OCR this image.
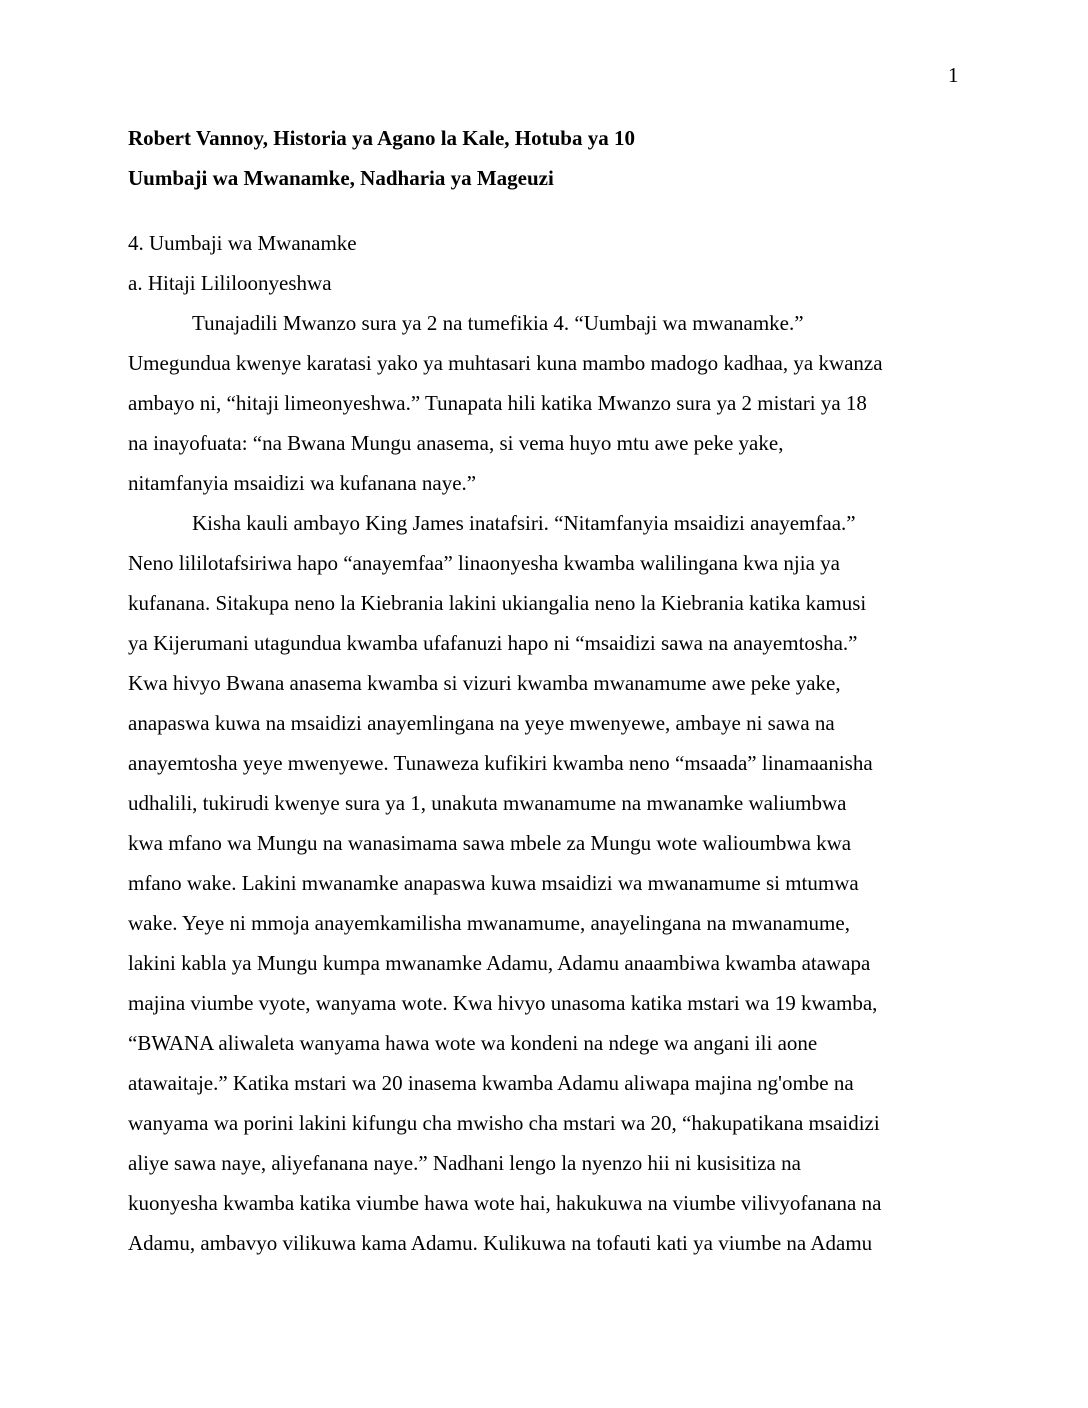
1
Robert Vannoy, Historia ya Agano la Kale, Hotuba ya 10
Uumbaji wa Mwanamke, Nadharia ya Mageuzi
4. Uumbaji wa Mwanamke
a. Hitaji Lililoonyeshwa

Tunajadili Mwanzo sura ya 2 na tumefikia 4. “Uumbaji wa mwanamke.”
Umegundua kwenye karatasi yako ya muhtasari kuna mambo madogo kadhaa, ya kwanza
ambayo ni, “hitaji limeonyeshwa.” Tunapata hili katika Mwanzo sura ya 2 mistari ya 18
na inayofuata: “na Bwana Mungu anasema, si vema huyo mtu awe peke yake,
nitamfanyia msaidizi wa kufanana naye.”

Kisha kauli ambayo King James inatafsiri. “Nitamfanyia msaidizi anayemfaa.”
Neno lililotafsiriwa hapo “anayemfaa” linaonyesha kwamba walilingana kwa njia ya
kufanana. Sitakupa neno la Kiebrania lakini ukiangalia neno la Kiebrania katika kamusi
ya Kijerumani utagundua kwamba ufafanuzi hapo ni “msaidizi sawa na anayemtosha.”
Kwa hivyo Bwana anasema kwamba si vizuri kwamba mwanamume awe peke yake,
anapaswa kuwa na msaidizi anayemlingana na yeye mwenyewe, ambaye ni sawa na
anayemtosha yeye mwenyewe. Tunaweza kufikiri kwamba neno “msaada” linamaanisha
udhalili, tukirudi kwenye sura ya 1, unakuta mwanamume na mwanamke waliumbwa
kwa mfano wa Mungu na wanasimama sawa mbele za Mungu wote walioumbwa kwa
mfano wake. Lakini mwanamke anapaswa kuwa msaidizi wa mwanamume si mtumwa
wake. Yeye ni mmoja anayemkamilisha mwanamume, anayelingana na mwanamume,
lakini kabla ya Mungu kumpa mwanamke Adamu, Adamu anaambiwa kwamba atawapa
majina viumbe vyote, wanyama wote. Kwa hivyo unasoma katika mstari wa 19 kwamba,
“BWANA aliwaleta wanyama hawa wote wa kondeni na ndege wa angani ili aone
atawaitaje.” Katika mstari wa 20 inasema kwamba Adamu aliwapa majina ng'ombe na
wanyama wa porini lakini kifungu cha mwisho cha mstari wa 20, “hakupatikana msaidizi
aliye sawa naye, aliyefanana naye.” Nadhani lengo la nyenzo hii ni kusisitiza na
kuonyesha kwamba katika viumbe hawa wote hai, hakukuwa na viumbe vilivyofanana na
Adamu, ambavyo vilikuwa kama Adamu. Kulikuwa na tofauti kati ya viumbe na Adamu
